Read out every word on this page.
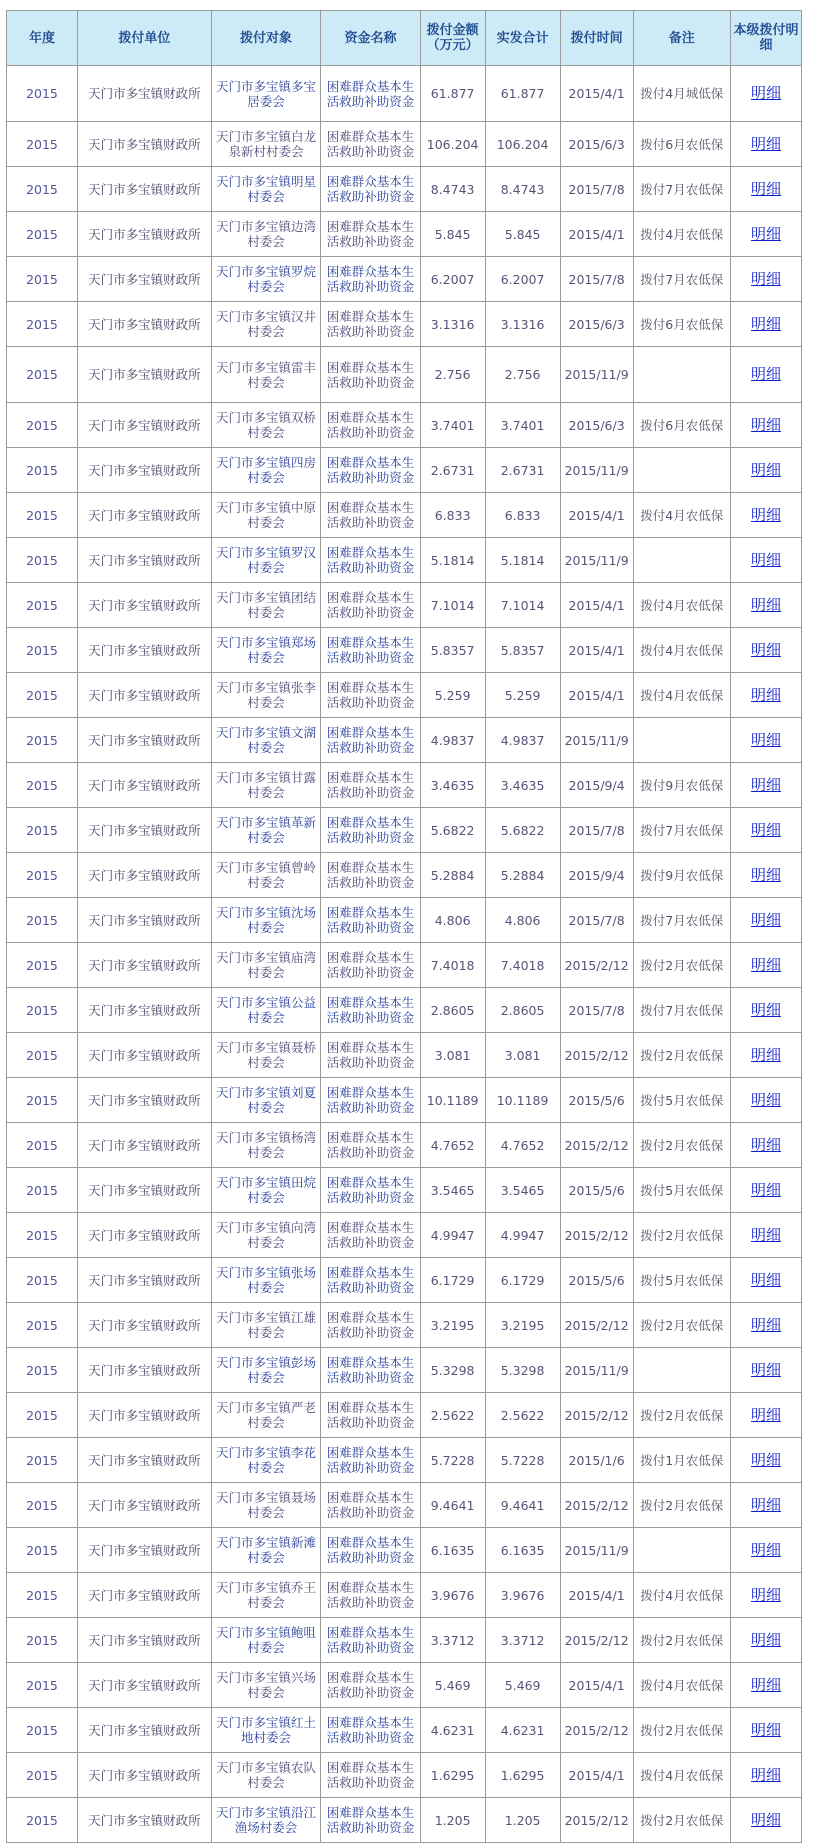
年度	拨付单位	拨付对象	资金名称	拨付金额（万元）	实发合计	拨付时间	备注	本级拨付明细
2015	天门市多宝镇财政所	天门市多宝镇多宝居委会	困难群众基本生活救助补助资金	61.877	61.877	2015/4/1	拨付4月城低保	明细
2015	天门市多宝镇财政所	天门市多宝镇白龙泉新村村委会	困难群众基本生活救助补助资金	106.204	106.204	2015/6/3	拨付6月农低保	明细
2015	天门市多宝镇财政所	天门市多宝镇明星村委会	困难群众基本生活救助补助资金	8.4743	8.4743	2015/7/8	拨付7月农低保	明细
2015	天门市多宝镇财政所	天门市多宝镇边湾村委会	困难群众基本生活救助补助资金	5.845	5.845	2015/4/1	拨付4月农低保	明细
2015	天门市多宝镇财政所	天门市多宝镇罗烷村委会	困难群众基本生活救助补助资金	6.2007	6.2007	2015/7/8	拨付7月农低保	明细
2015	天门市多宝镇财政所	天门市多宝镇汉井村委会	困难群众基本生活救助补助资金	3.1316	3.1316	2015/6/3	拨付6月农低保	明细
2015	天门市多宝镇财政所	天门市多宝镇雷丰村委会	困难群众基本生活救助补助资金	2.756	2.756	2015/11/9		明细
2015	天门市多宝镇财政所	天门市多宝镇双桥村委会	困难群众基本生活救助补助资金	3.7401	3.7401	2015/6/3	拨付6月农低保	明细
2015	天门市多宝镇财政所	天门市多宝镇四房村委会	困难群众基本生活救助补助资金	2.6731	2.6731	2015/11/9		明细
2015	天门市多宝镇财政所	天门市多宝镇中原村委会	困难群众基本生活救助补助资金	6.833	6.833	2015/4/1	拨付4月农低保	明细
2015	天门市多宝镇财政所	天门市多宝镇罗汉村委会	困难群众基本生活救助补助资金	5.1814	5.1814	2015/11/9		明细
2015	天门市多宝镇财政所	天门市多宝镇团结村委会	困难群众基本生活救助补助资金	7.1014	7.1014	2015/4/1	拨付4月农低保	明细
2015	天门市多宝镇财政所	天门市多宝镇郑场村委会	困难群众基本生活救助补助资金	5.8357	5.8357	2015/4/1	拨付4月农低保	明细
2015	天门市多宝镇财政所	天门市多宝镇张李村委会	困难群众基本生活救助补助资金	5.259	5.259	2015/4/1	拨付4月农低保	明细
2015	天门市多宝镇财政所	天门市多宝镇文湖村委会	困难群众基本生活救助补助资金	4.9837	4.9837	2015/11/9		明细
2015	天门市多宝镇财政所	天门市多宝镇甘露村委会	困难群众基本生活救助补助资金	3.4635	3.4635	2015/9/4	拨付9月农低保	明细
2015	天门市多宝镇财政所	天门市多宝镇革新村委会	困难群众基本生活救助补助资金	5.6822	5.6822	2015/7/8	拨付7月农低保	明细
2015	天门市多宝镇财政所	天门市多宝镇曾岭村委会	困难群众基本生活救助补助资金	5.2884	5.2884	2015/9/4	拨付9月农低保	明细
2015	天门市多宝镇财政所	天门市多宝镇沈场村委会	困难群众基本生活救助补助资金	4.806	4.806	2015/7/8	拨付7月农低保	明细
2015	天门市多宝镇财政所	天门市多宝镇庙湾村委会	困难群众基本生活救助补助资金	7.4018	7.4018	2015/2/12	拨付2月农低保	明细
2015	天门市多宝镇财政所	天门市多宝镇公益村委会	困难群众基本生活救助补助资金	2.8605	2.8605	2015/7/8	拨付7月农低保	明细
2015	天门市多宝镇财政所	天门市多宝镇聂桥村委会	困难群众基本生活救助补助资金	3.081	3.081	2015/2/12	拨付2月农低保	明细
2015	天门市多宝镇财政所	天门市多宝镇刘夏村委会	困难群众基本生活救助补助资金	10.1189	10.1189	2015/5/6	拨付5月农低保	明细
2015	天门市多宝镇财政所	天门市多宝镇杨湾村委会	困难群众基本生活救助补助资金	4.7652	4.7652	2015/2/12	拨付2月农低保	明细
2015	天门市多宝镇财政所	天门市多宝镇田烷村委会	困难群众基本生活救助补助资金	3.5465	3.5465	2015/5/6	拨付5月农低保	明细
2015	天门市多宝镇财政所	天门市多宝镇向湾村委会	困难群众基本生活救助补助资金	4.9947	4.9947	2015/2/12	拨付2月农低保	明细
2015	天门市多宝镇财政所	天门市多宝镇张场村委会	困难群众基本生活救助补助资金	6.1729	6.1729	2015/5/6	拨付5月农低保	明细
2015	天门市多宝镇财政所	天门市多宝镇江雄村委会	困难群众基本生活救助补助资金	3.2195	3.2195	2015/2/12	拨付2月农低保	明细
2015	天门市多宝镇财政所	天门市多宝镇彭场村委会	困难群众基本生活救助补助资金	5.3298	5.3298	2015/11/9		明细
2015	天门市多宝镇财政所	天门市多宝镇严老村委会	困难群众基本生活救助补助资金	2.5622	2.5622	2015/2/12	拨付2月农低保	明细
2015	天门市多宝镇财政所	天门市多宝镇李花村委会	困难群众基本生活救助补助资金	5.7228	5.7228	2015/1/6	拨付1月农低保	明细
2015	天门市多宝镇财政所	天门市多宝镇聂场村委会	困难群众基本生活救助补助资金	9.4641	9.4641	2015/2/12	拨付2月农低保	明细
2015	天门市多宝镇财政所	天门市多宝镇新滩村委会	困难群众基本生活救助补助资金	6.1635	6.1635	2015/11/9		明细
2015	天门市多宝镇财政所	天门市多宝镇乔王村委会	困难群众基本生活救助补助资金	3.9676	3.9676	2015/4/1	拨付4月农低保	明细
2015	天门市多宝镇财政所	天门市多宝镇鲍咀村委会	困难群众基本生活救助补助资金	3.3712	3.3712	2015/2/12	拨付2月农低保	明细
2015	天门市多宝镇财政所	天门市多宝镇兴场村委会	困难群众基本生活救助补助资金	5.469	5.469	2015/4/1	拨付4月农低保	明细
2015	天门市多宝镇财政所	天门市多宝镇红土地村委会	困难群众基本生活救助补助资金	4.6231	4.6231	2015/2/12	拨付2月农低保	明细
2015	天门市多宝镇财政所	天门市多宝镇农队村委会	困难群众基本生活救助补助资金	1.6295	1.6295	2015/4/1	拨付4月农低保	明细
2015	天门市多宝镇财政所	天门市多宝镇沿江渔场村委会	困难群众基本生活救助补助资金	1.205	1.205	2015/2/12	拨付2月农低保	明细
